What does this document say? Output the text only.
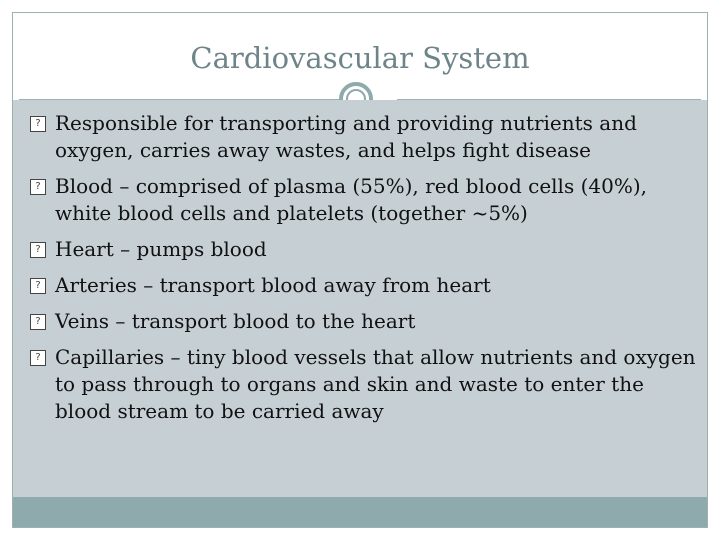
Cardiovascular System
? Responsible for transporting and providing nutrients and oxygen, carries away wastes, and helps fight disease
? Blood – comprised of plasma (55%), red blood cells (40%), white blood cells and platelets (together ~5%)
? Heart – pumps blood
? Arteries – transport blood away from heart
? Veins – transport blood to the heart
? Capillaries – tiny blood vessels that allow nutrients and oxygen to pass through to organs and skin and waste to enter the blood stream to be carried away
